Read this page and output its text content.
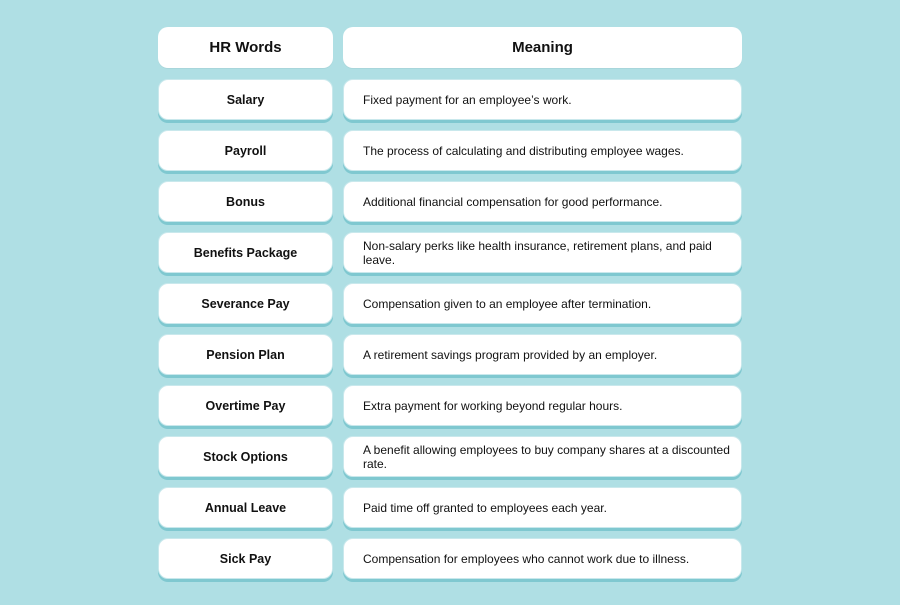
HR Words	Meaning
Salary	Fixed payment for an employee’s work.
Payroll	The process of calculating and distributing employee wages.
Bonus	Additional financial compensation for good performance.
Benefits Package	Non-salary perks like health insurance, retirement plans, and paid leave.
Severance Pay	Compensation given to an employee after termination.
Pension Plan	A retirement savings program provided by an employer.
Overtime Pay	Extra payment for working beyond regular hours.
Stock Options	A benefit allowing employees to buy company shares at a discounted rate.
Annual Leave	Paid time off granted to employees each year.
Sick Pay	Compensation for employees who cannot work due to illness.
